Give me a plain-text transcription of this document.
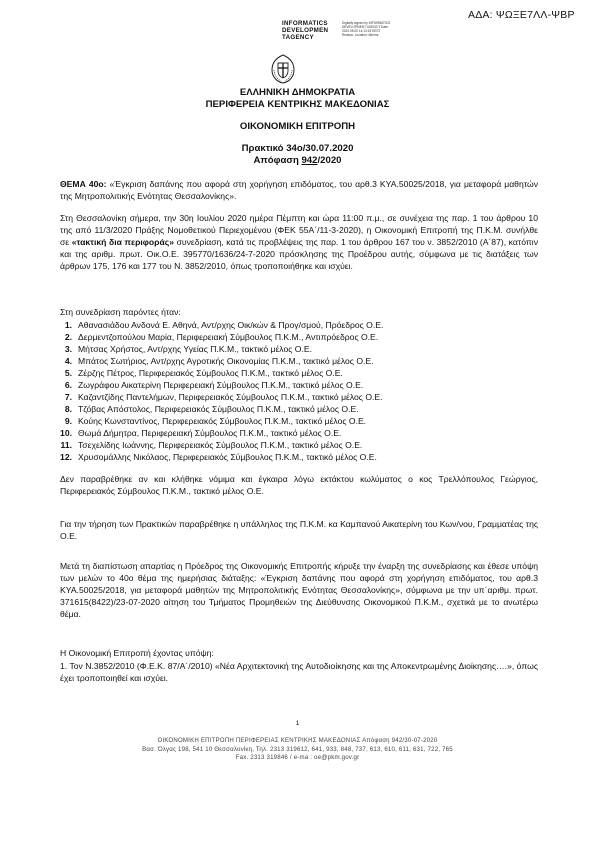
ΑΔΑ: ΨΩΞΕ7ΛΛ-ΨΒΡ
INFORMATICS
DEVELOPMEN
TAGENCY
Digitally signed by INFORMATICS DEVELOPMENT AGENCY Date: 2020.08.05 14:13:15 EEST Reason: Location: Athens
ΕΛΛΗΝΙΚΗ ΔΗΜΟΚΡΑΤΙΑ
ΠΕΡΙΦΕΡΕΙΑ ΚΕΝΤΡΙΚΗΣ ΜΑΚΕΔΟΝΙΑΣ
ΟΙΚΟΝΟΜΙΚΗ ΕΠΙΤΡΟΠΗ
Πρακτικό 34ο/30.07.2020
Απόφαση 942/2020
ΘΕΜΑ 40ο: «Έγκριση δαπάνης που αφορά στη χορήγηση επιδόματος, του αρθ.3 ΚΥΑ.50025/2018, για μεταφορά μαθητών της Μητροπολιτικής Ενότητας Θεσσαλονίκης».
Στη Θεσσαλονίκη σήμερα, την 30η Ιουλίου 2020 ημέρα Πέμπτη και ώρα 11:00 π.μ., σε συνέχεια της παρ. 1 του άρθρου 10 της από 11/3/2020 Πράξης Νομοθετικού Περιεχομένου (ΦΕΚ 55Α΄/11-3-2020), η Οικονομική Επιτροπή της Π.Κ.Μ. συνήλθε σε «τακτική δια περιφοράς» συνεδρίαση, κατά τις προβλέψεις της παρ. 1 του άρθρου 167 του ν. 3852/2010 (Α΄87), κατόπιν και της αριθμ. πρωτ. Οικ.Ο.Ε. 395770/1636/24-7-2020 πρόσκλησης της Προέδρου αυτής, σύμφωνα με τις διατάξεις των άρθρων 175, 176 και 177 του Ν. 3852/2010, όπως τροποποιήθηκε και ισχύει.
Στη συνεδρίαση παρόντες ήταν:
1. Αθανασιάδου Ανδονά Ε. Αθηνά, Αντ/ρχης Οικ/κών & Προγ/σμού, Πρόεδρος Ο.Ε.
2. Δερμεντζοπούλου Μαρία, Περιφερειακή Σύμβουλος Π.Κ.Μ., Αντιπρόεδρος Ο.Ε.
3. Μήτσας Χρήστος, Αντ/ρχης Υγείας Π.Κ.Μ., τακτικό μέλος Ο.Ε.
4. Μπάτος Σωτήριος, Αντ/ρχης Αγροτικής Οικονομίας Π.Κ.Μ., τακτικό μέλος Ο.Ε.
5. Ζέρζης Πέτρος, Περιφερειακός Σύμβουλος Π.Κ.Μ., τακτικό μέλος Ο.Ε.
6. Ζωγράφου Αικατερίνη Περιφερειακή Σύμβουλος Π.Κ.Μ., τακτικό μέλος Ο.Ε.
7. Καζαντζίδης Παντελήμων, Περιφερειακός Σύμβουλος Π.Κ.Μ., τακτικό μέλος Ο.Ε.
8. Τζόβας Απόστολος, Περιφερειακός Σύμβουλος Π.Κ.Μ., τακτικό μέλος Ο.Ε.
9. Κούης Κωνσταντίνος, Περιφερειακός Σύμβουλος Π.Κ.Μ., τακτικό μέλος Ο.Ε.
10. Θωμά Δήμητρα, Περιφερειακή Σύμβουλος Π.Κ.Μ., τακτικό μέλος Ο.Ε.
11. Τσεχελίδης Ιωάννης, Περιφερειακός Σύμβουλος Π.Κ.Μ., τακτικό μέλος Ο.Ε.
12. Χρυσομάλλης Νικόλαος, Περιφερειακός Σύμβουλος Π.Κ.Μ., τακτικό μέλος Ο.Ε.
Δεν παραβρέθηκε αν και κλήθηκε νόμιμα και έγκαιρα λόγω εκτάκτου κωλύματος ο κος Τρελλόπουλος Γεώργιος, Περιφερειακός Σύμβουλος Π.Κ.Μ., τακτικό μέλος Ο.Ε.
Για την τήρηση των Πρακτικών παραβρέθηκε η υπάλληλος της Π.Κ.Μ. κα Καμπανού Αικατερίνη του Κων/νου, Γραμματέας της Ο.Ε.
Μετά τη διαπίστωση απαρτίας η Πρόεδρος της Οικονομικής Επιτροπής κήρυξε την έναρξη της συνεδρίασης και έθεσε υπόψη των μελών το 40ο θέμα της ημερήσιας διάταξης: «Έγκριση δαπάνης που αφορά στη χορήγηση επιδόματος, του αρθ.3 ΚΥΑ.50025/2018, για μεταφορά μαθητών της Μητροπολιτικής Ενότητας Θεσσαλονίκης», σύμφωνα με την υπ΄αριθμ. πρωτ. 371615(8422)/23-07-2020 αίτηση του Τμήματος Προμηθειών της Διεύθυνσης Οικονομικού Π.Κ.Μ., σχετικά με το ανωτέρω θέμα.
Η Οικονομική Επιτροπή έχοντας υπόψη:
1. Τον Ν.3852/2010 (Φ.Ε.Κ. 87/Α΄/2010) «Νέα Αρχιτεκτονική της Αυτοδιοίκησης και της Αποκεντρωμένης Διοίκησης….», όπως έχει τροποποιηθεί και ισχύει.
1
ΟΙΚΟΝΟΜΙΚΗ ΕΠΙΤΡΟΠΗ ΠΕΡΙΦΕΡΕΙΑΣ ΚΕΝΤΡΙΚΗΣ ΜΑΚΕΔΟΝΙΑΣ Απόφαση 942/30-07-2020
Βασ. Όλγας 198, 541 10 Θεσσαλονίκη, Τηλ. 2313 319612, 641, 933, 848, 737, 613, 610, 611, 631, 722, 765
Fax. 2313 319846 / e-ma : oe@pkm.gov.gr
